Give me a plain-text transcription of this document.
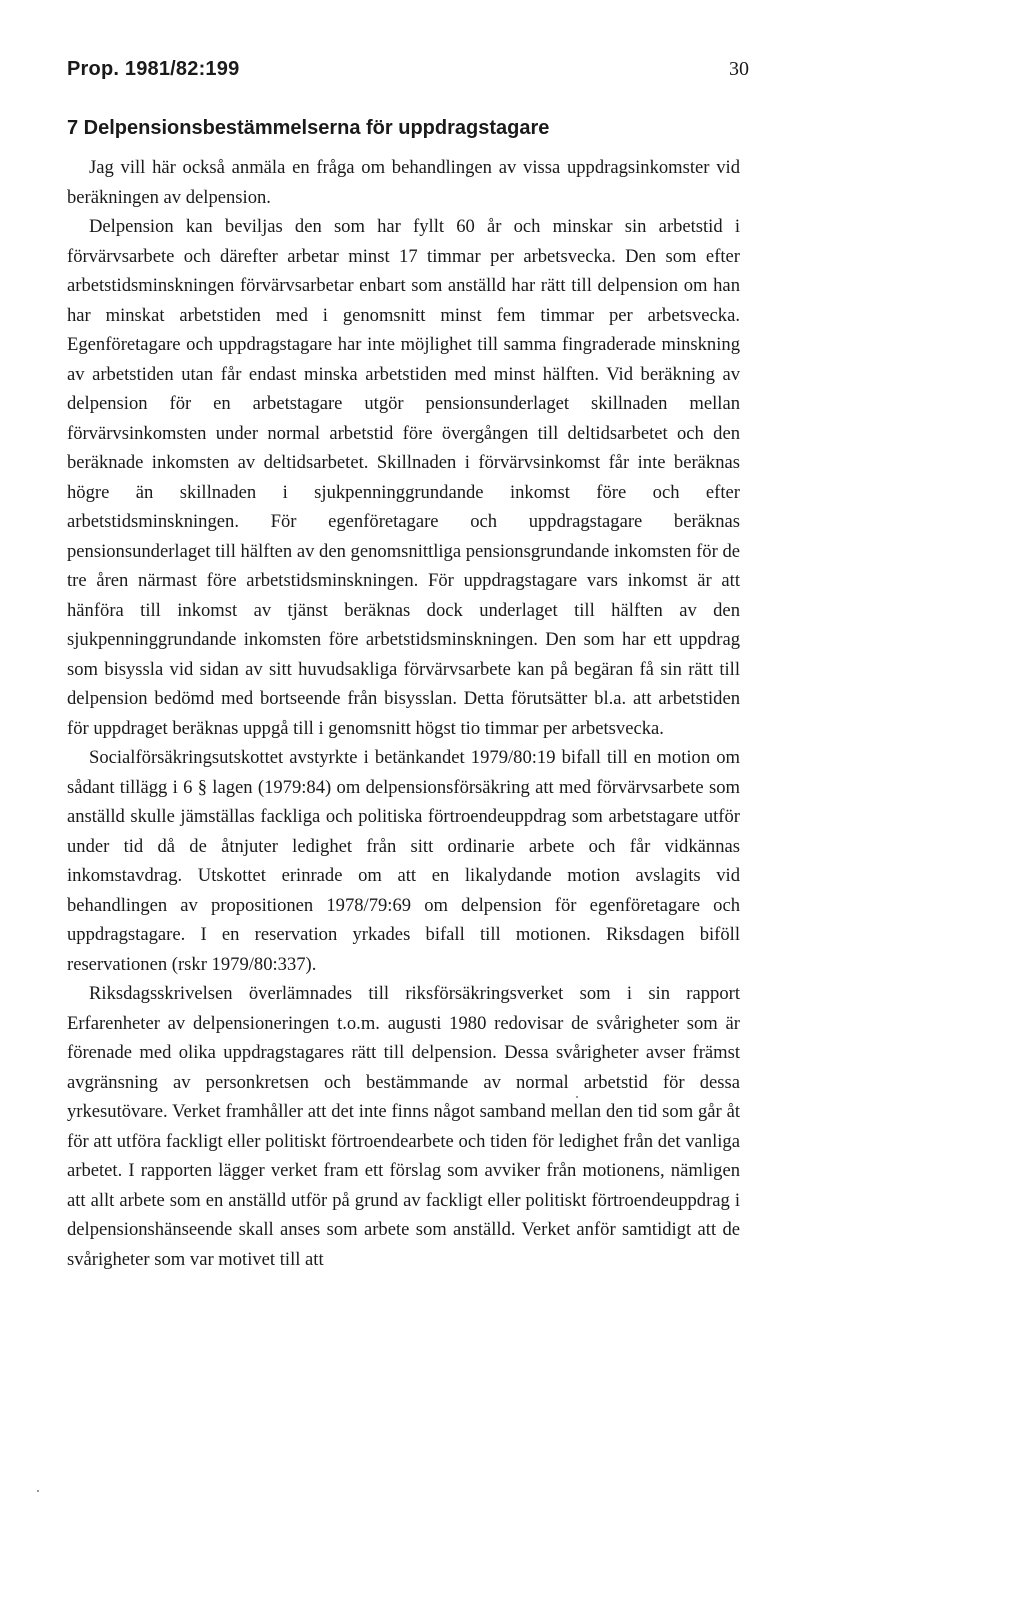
Prop. 1981/82:199	30
7 Delpensionsbestämmelserna för uppdragstagare

Jag vill här också anmäla en fråga om behandlingen av vissa uppdragsinkomster vid beräkningen av delpension.

Delpension kan beviljas den som har fyllt 60 år och minskar sin arbetstid i förvärvsarbete och därefter arbetar minst 17 timmar per arbetsvecka. Den som efter arbetstidsminskningen förvärvsarbetar enbart som anställd har rätt till delpension om han har minskat arbetstiden med i genomsnitt minst fem timmar per arbetsvecka. Egenföretagare och uppdragstagare har inte möjlighet till samma fingraderade minskning av arbetstiden utan får endast minska arbetstiden med minst hälften. Vid beräkning av delpension för en arbetstagare utgör pensionsunderlaget skillnaden mellan förvärvsinkomsten under normal arbetstid före övergången till deltidsarbetet och den beräknade inkomsten av deltidsarbetet. Skillnaden i förvärvsinkomst får inte beräknas högre än skillnaden i sjukpenninggrundande inkomst före och efter arbetstidsminskningen. För egenföretagare och uppdragstagare beräknas pensionsunderlaget till hälften av den genomsnittliga pensionsgrundande inkomsten för de tre åren närmast före arbetstidsminskningen. För uppdragstagare vars inkomst är att hänföra till inkomst av tjänst beräknas dock underlaget till hälften av den sjukpenninggrundande inkomsten före arbetstidsminskningen. Den som har ett uppdrag som bisyssla vid sidan av sitt huvudsakliga förvärvsarbete kan på begäran få sin rätt till delpension bedömd med bortseende från bisysslan. Detta förutsätter bl.a. att arbetstiden för uppdraget beräknas uppgå till i genomsnitt högst tio timmar per arbetsvecka.

Socialförsäkringsutskottet avstyrkte i betänkandet 1979/80:19 bifall till en motion om sådant tillägg i 6 § lagen (1979:84) om delpensionsförsäkring att med förvärvsarbete som anställd skulle jämställas fackliga och politiska förtroendeuppdrag som arbetstagare utför under tid då de åtnjuter ledighet från sitt ordinarie arbete och får vidkännas inkomstavdrag. Utskottet erinrade om att en likalydande motion avslagits vid behandlingen av propositionen 1978/79:69 om delpension för egenföretagare och uppdragstagare. I en reservation yrkades bifall till motionen. Riksdagen biföll reservationen (rskr 1979/80:337).

Riksdagsskrivelsen överlämnades till riksförsäkringsverket som i sin rapport Erfarenheter av delpensioneringen t.o.m. augusti 1980 redovisar de svårigheter som är förenade med olika uppdragstagares rätt till delpension. Dessa svårigheter avser främst avgränsning av personkretsen och bestämmande av normal arbetstid för dessa yrkesutövare. Verket framhåller att det inte finns något samband mellan den tid som går åt för att utföra fackligt eller politiskt förtroendearbete och tiden för ledighet från det vanliga arbetet. I rapporten lägger verket fram ett förslag som avviker från motionens, nämligen att allt arbete som en anställd utför på grund av fackligt eller politiskt förtroendeuppdrag i delpensionshänseende skall anses som arbete som anställd. Verket anför samtidigt att de svårigheter som var motivet till att
